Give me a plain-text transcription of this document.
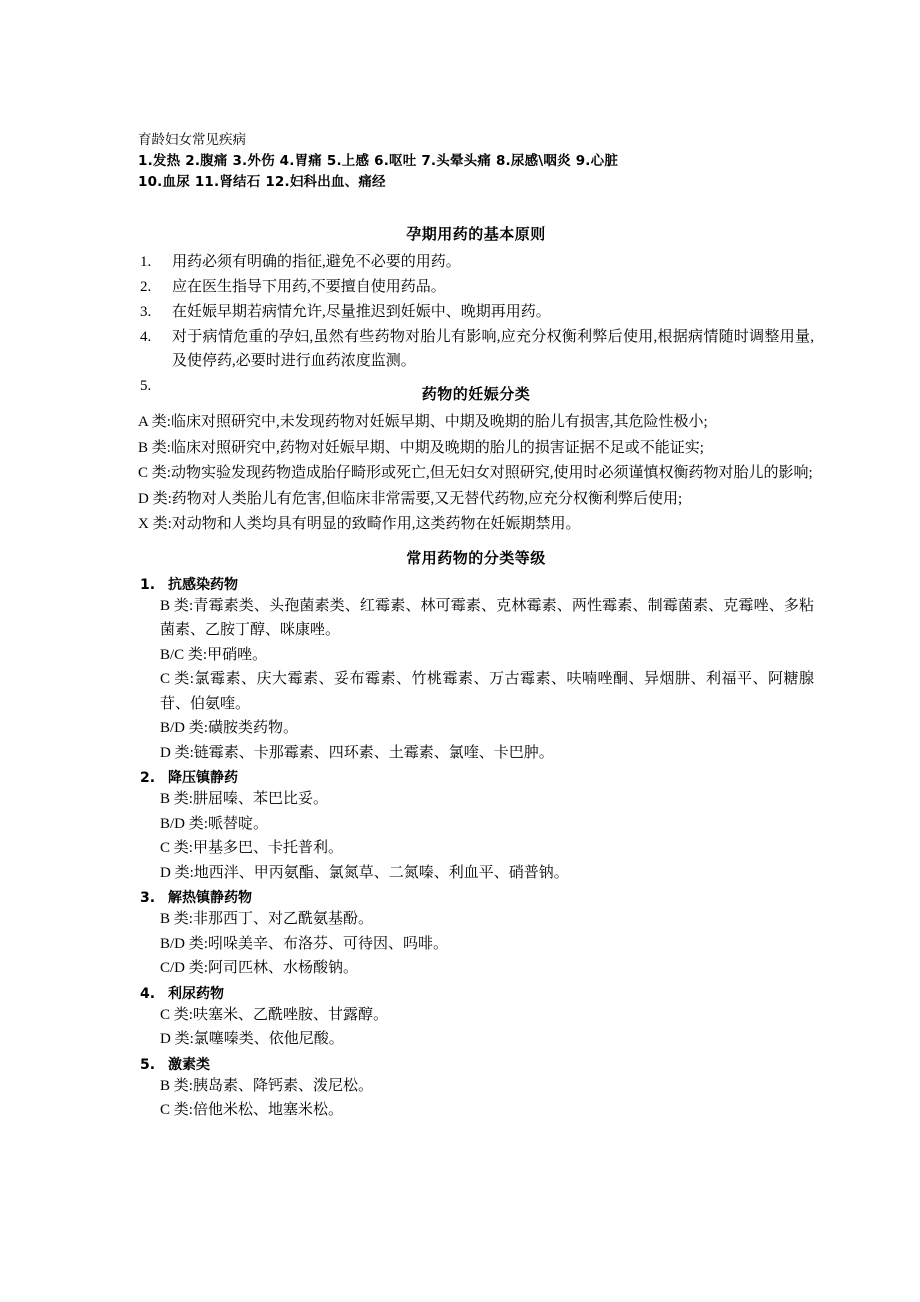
育龄妇女常见疾病
1.发热 2.腹痛 3.外伤 4.胃痛 5.上感 6.呕吐 7.头晕头痛 8.尿感\咽炎 9.心脏
10.血尿 11.肾结石 12.妇科出血、痛经
孕期用药的基本原则
1.	用药必须有明确的指征,避免不必要的用药。
2.	应在医生指导下用药,不要擅自使用药品。
3.	在妊娠早期若病情允许,尽量推迟到妊娠中、晚期再用药。
4.	对于病情危重的孕妇,虽然有些药物对胎儿有影响,应充分权衡利弊后使用,根据病情随时调整用量,及使停药,必要时进行血药浓度监测。
5.	药物的妊娠分类
A 类:临床对照研究中,未发现药物对妊娠早期、中期及晚期的胎儿有损害,其危险性极小;
B 类:临床对照研究中,药物对妊娠早期、中期及晚期的胎儿的损害证据不足或不能证实;
C 类:动物实验发现药物造成胎仔畸形或死亡,但无妇女对照研究,使用时必须谨慎权衡药物对胎儿的影响;
D 类:药物对人类胎儿有危害,但临床非常需要,又无替代药物,应充分权衡利弊后使用;
X 类:对动物和人类均具有明显的致畸作用,这类药物在妊娠期禁用。
常用药物的分类等级
1. 抗感染药物
B 类:青霉素类、头孢菌素类、红霉素、林可霉素、克林霉素、两性霉素、制霉菌素、克霉唑、多粘菌素、乙胺丁醇、咪康唑。
B/C 类:甲硝唑。
C 类:氯霉素、庆大霉素、妥布霉素、竹桃霉素、万古霉素、呋喃唑酮、异烟肼、利福平、阿糖腺苷、伯氨喹。
B/D 类:磺胺类药物。
D 类:链霉素、卡那霉素、四环素、土霉素、氯喹、卡巴肿。
2. 降压镇静药
B 类:肼屈嗪、苯巴比妥。
B/D 类:哌替啶。
C 类:甲基多巴、卡托普利。
D 类:地西泮、甲丙氨酯、氯氮草、二氮嗪、利血平、硝普钠。
3. 解热镇静药物
B 类:非那西丁、对乙酰氨基酚。
B/D 类:吲哚美辛、布洛芬、可待因、吗啡。
C/D 类:阿司匹林、水杨酸钠。
4. 利尿药物
C 类:呋塞米、乙酰唑胺、甘露醇。
D 类:氯噻嗪类、依他尼酸。
5. 激素类
B 类:胰岛素、降钙素、泼尼松。
C 类:倍他米松、地塞米松。
